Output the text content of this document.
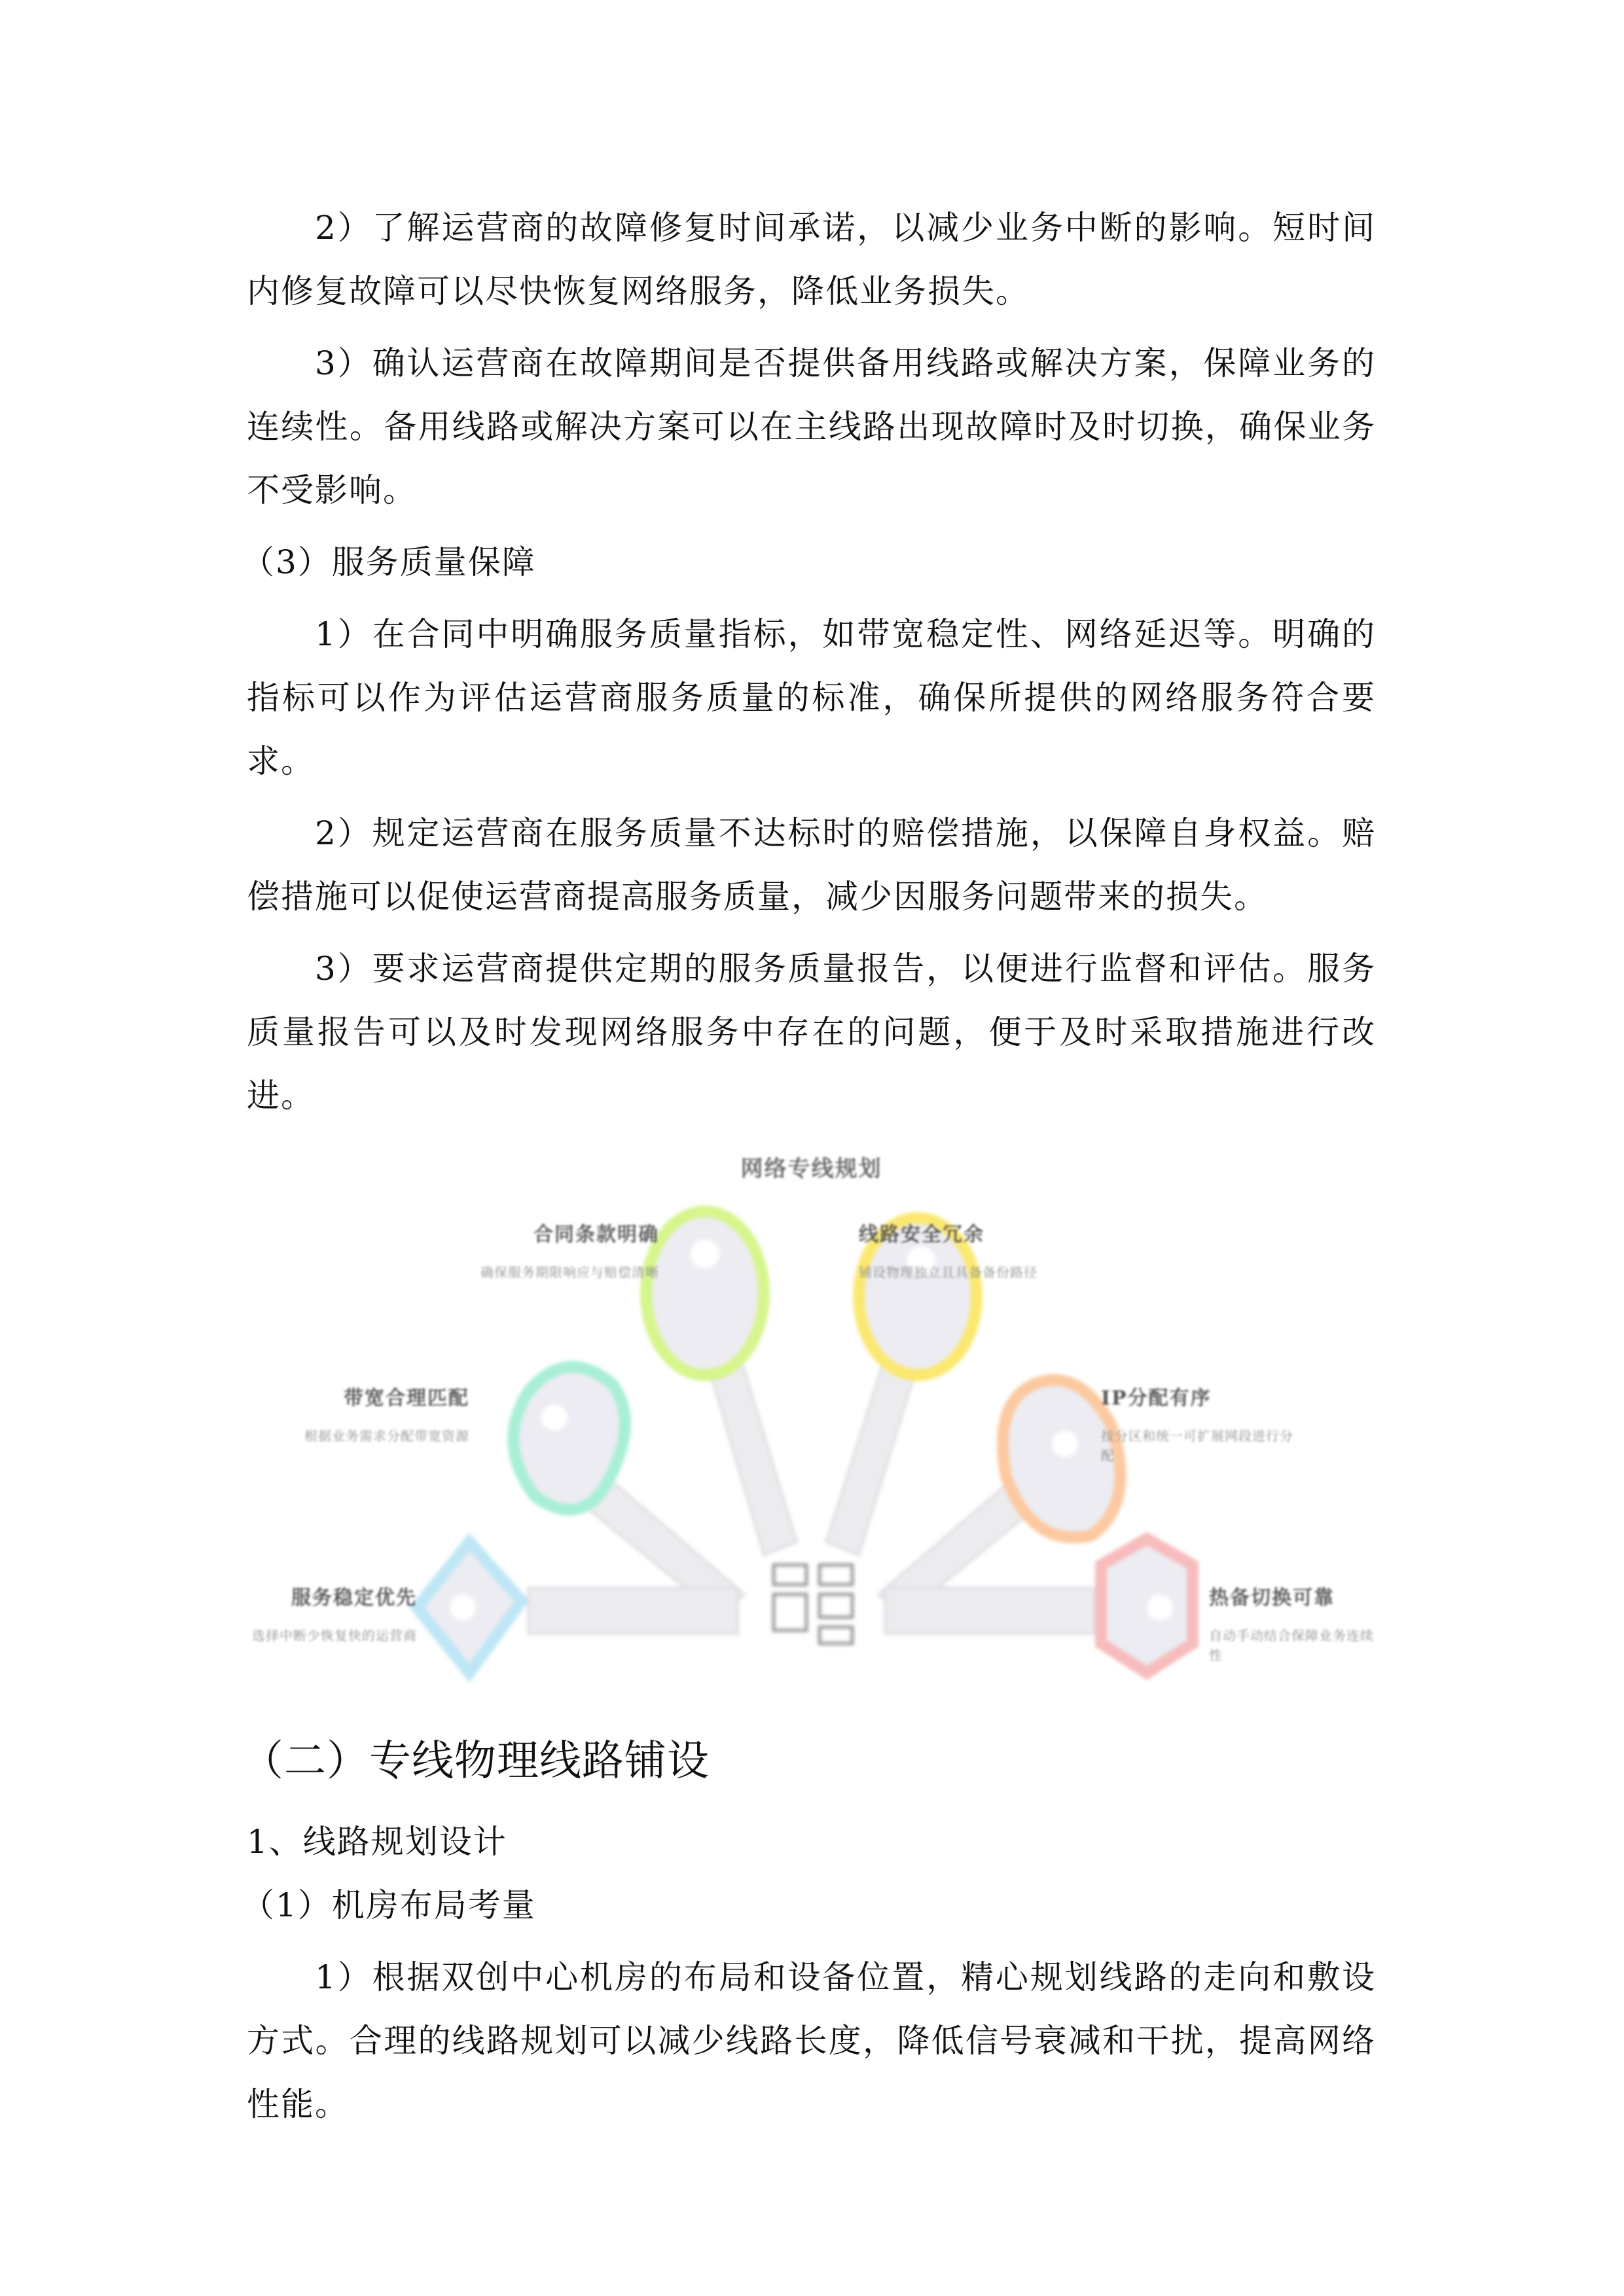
2）了解运营商的故障修复时间承诺，以减少业务中断的影响。短时间内修复故障可以尽快恢复网络服务，降低业务损失。

3）确认运营商在故障期间是否提供备用线路或解决方案，保障业务的连续性。备用线路或解决方案可以在主线路出现故障时及时切换，确保业务不受影响。

（3）服务质量保障

1）在合同中明确服务质量指标，如带宽稳定性、网络延迟等。明确的指标可以作为评估运营商服务质量的标准，确保所提供的网络服务符合要求。

2）规定运营商在服务质量不达标时的赔偿措施，以保障自身权益。赔偿措施可以促使运营商提高服务质量，减少因服务问题带来的损失。

3）要求运营商提供定期的服务质量报告，以便进行监督和评估。服务质量报告可以及时发现网络服务中存在的问题，便于及时采取措施进行改进。

网络专线规划
合同条款明确
确保服务期限响应与赔偿清晰
线路安全冗余
铺设物理独立且具备备份路径
带宽合理匹配
根据业务需求分配带宽资源
IP分配有序
按分区和统一可扩展网段进行分配
服务稳定优先
选择中断少恢复快的运营商
热备切换可靠
自动手动结合保障业务连续性

（二）专线物理线路铺设

1、线路规划设计

（1）机房布局考量

1）根据双创中心机房的布局和设备位置，精心规划线路的走向和敷设方式。合理的线路规划可以减少线路长度，降低信号衰减和干扰，提高网络性能。
